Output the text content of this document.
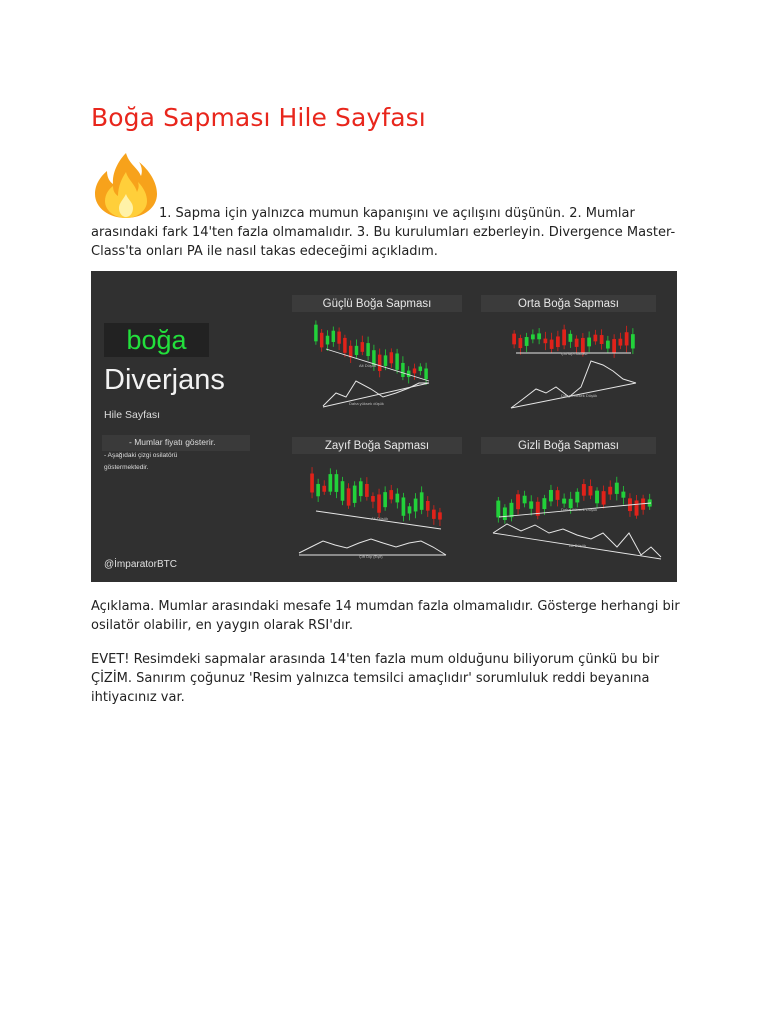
Boğa Sapması Hile Sayfası
1. Sapma için yalnızca mumun kapanışını ve açılışını düşünün. 2. Mumlar arasındaki fark 14'ten fazla olmamalıdır. 3. Bu kurulumları ezberleyin. Divergence Master-Class'ta onları PA ile nasıl takas edeceğimi açıkladım.
boğa
Diverjans
Hile Sayfası
- Mumlar fiyatı gösterir.
- Aşağıdaki çizgi osilatörü
göstermektedir.
@İmparatorBTC
Güçlü Boğa Sapması	Orta Boğa Sapması
Zayıf Boğa Sapması	Gizli Boğa Sapması
Alt Düşük
Daha yüksek düşük
Çift dip noktası
Daha Yüksek Düşük
Alt Düşük
Çift Dip (Eşit)
Daha Yüksek Düşük
Alt Düşük
Açıklama. Mumlar arasındaki mesafe 14 mumdan fazla olmamalıdır. Gösterge herhangi bir osilatör olabilir, en yaygın olarak RSI'dır.
EVET! Resimdeki sapmalar arasında 14'ten fazla mum olduğunu biliyorum çünkü bu bir ÇİZİM. Sanırım çoğunuz 'Resim yalnızca temsilci amaçlıdır' sorumluluk reddi beyanına ihtiyacınız var.
